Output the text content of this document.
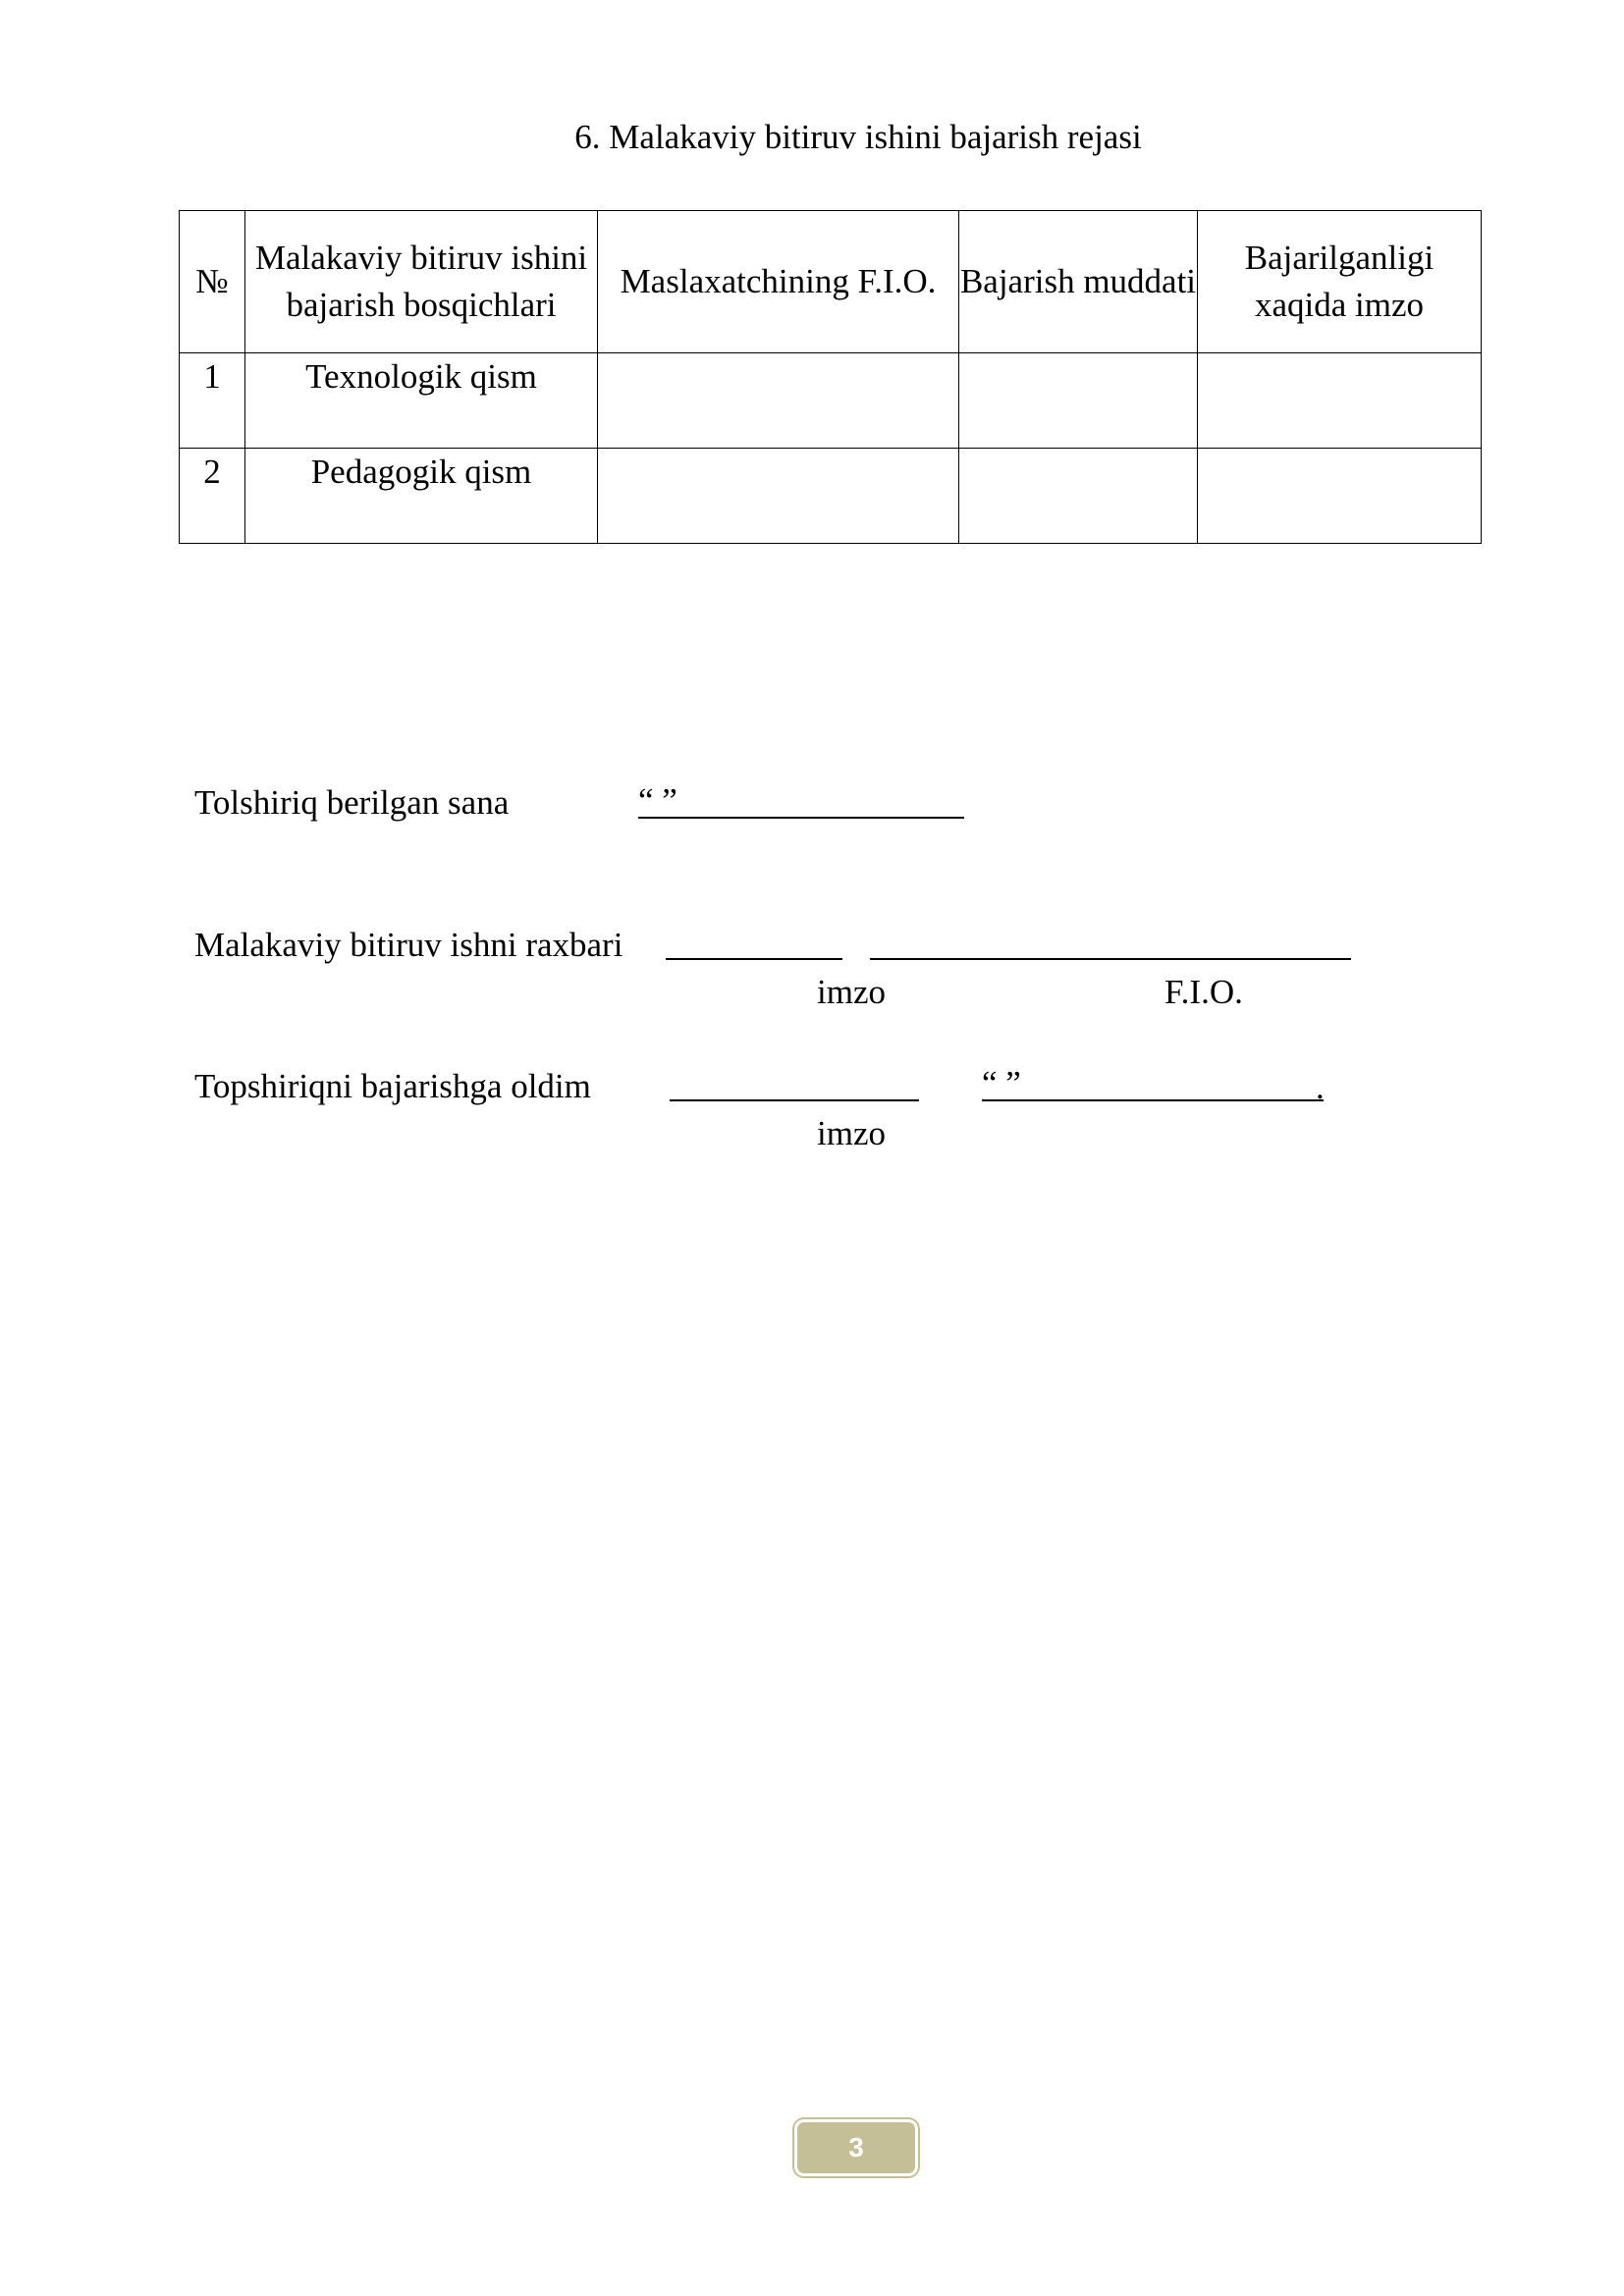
6. Malakaviy bitiruv ishini bajarish rejasi
№	Malakaviy bitiruv ishini bajarish bosqichlari	Maslaxatchining F.I.O.	Bajarish muddati	Bajarilganligi xaqida imzo
1	Texnologik qism			
2	Pedagogik qism			
Tolshiriq berilgan sana	“ ”
Malakaviy bitiruv ishni raxbari
imzo	F.I.O.
Topshiriqni bajarishga oldim	“ ”	.
imzo
3
